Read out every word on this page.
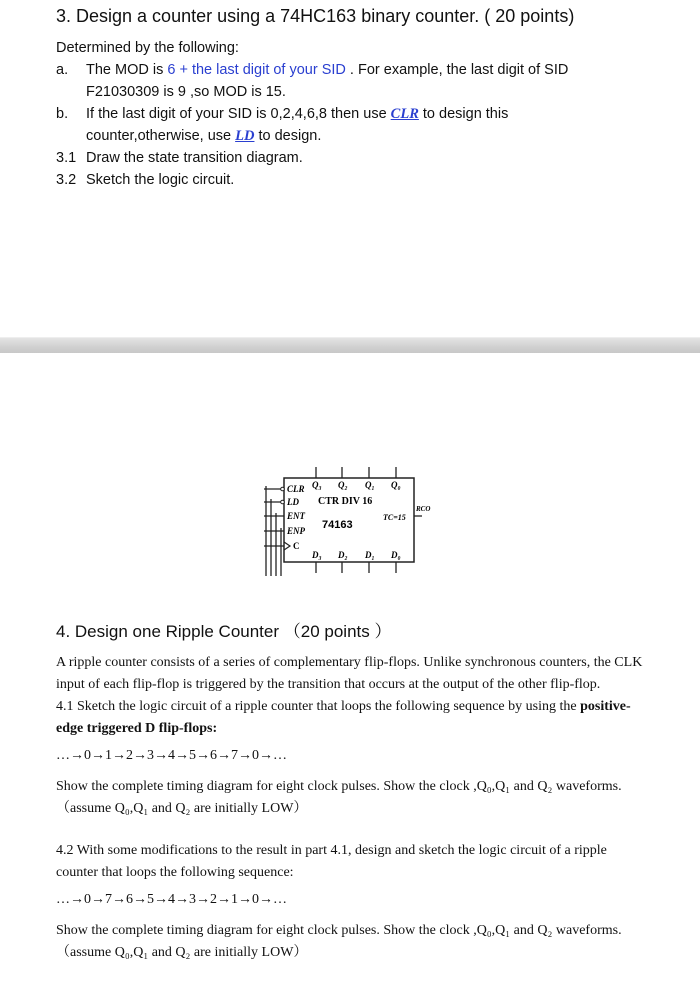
3. Design a counter using a 74HC163 binary counter. ( 20 points)
Determined by the following:
a.	The MOD is 6 + the last digit of your SID . For example, the last digit of SID
F21030309 is 9 ,so MOD is 15.
b.	If the last digit of your SID is 0,2,4,6,8 then use CLR to design this
counter,otherwise, use LD to design.
3.1 Draw the state transition diagram.
3.2 Sketch the logic circuit.
CLR
LD
ENT
ENP
C
Q₃ Q₂ Q₁ Q₀
D₃ D₂ D₁ D₀
CTR DIV 16
74163
TC=15
RCO
4. Design one Ripple Counter （20 points ）

A ripple counter consists of a series of complementary flip-flops. Unlike synchronous counters, the CLK input of each flip-flop is triggered by the transition that occurs at the output of the other flip-flop.

4.1 Sketch the logic circuit of a ripple counter that loops the following sequence by using the positive-edge triggered D flip-flops:

…→0→1→2→3→4→5→6→7→0→…

Show the complete timing diagram for eight clock pulses. Show the clock ,Q₀,Q₁ and Q₂ waveforms.（assume Q₀,Q₁ and Q₂ are initially LOW）

4.2 With some modifications to the result in part 4.1, design and sketch the logic circuit of a ripple counter that loops the following sequence:

…→0→7→6→5→4→3→2→1→0→…

Show the complete timing diagram for eight clock pulses. Show the clock ,Q₀,Q₁ and Q₂ waveforms.（assume Q₀,Q₁ and Q₂ are initially LOW）
